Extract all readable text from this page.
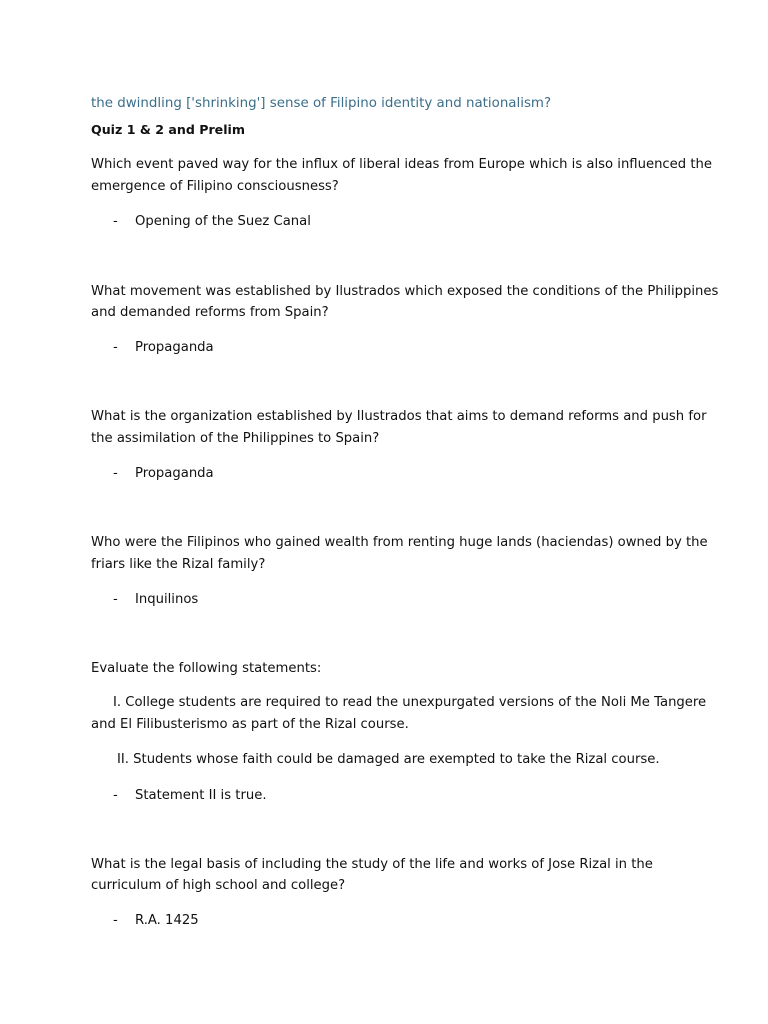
the dwindling ['shrinking'] sense of Filipino identity and nationalism?
Quiz 1 & 2 and Prelim
Which event paved way for the influx of liberal ideas from Europe which is also influenced the
emergence of Filipino consciousness?
- Opening of the Suez Canal
What movement was established by Ilustrados which exposed the conditions of the Philippines
and demanded reforms from Spain?
- Propaganda
What is the organization established by Ilustrados that aims to demand reforms and push for
the assimilation of the Philippines to Spain?
- Propaganda
Who were the Filipinos who gained wealth from renting huge lands (haciendas) owned by the
friars like the Rizal family?
- Inquilinos
Evaluate the following statements:
I. College students are required to read the unexpurgated versions of the Noli Me Tangere
and El Filibusterismo as part of the Rizal course.
II. Students whose faith could be damaged are exempted to take the Rizal course.
- Statement II is true.
What is the legal basis of including the study of the life and works of Jose Rizal in the
curriculum of high school and college?
- R.A. 1425
